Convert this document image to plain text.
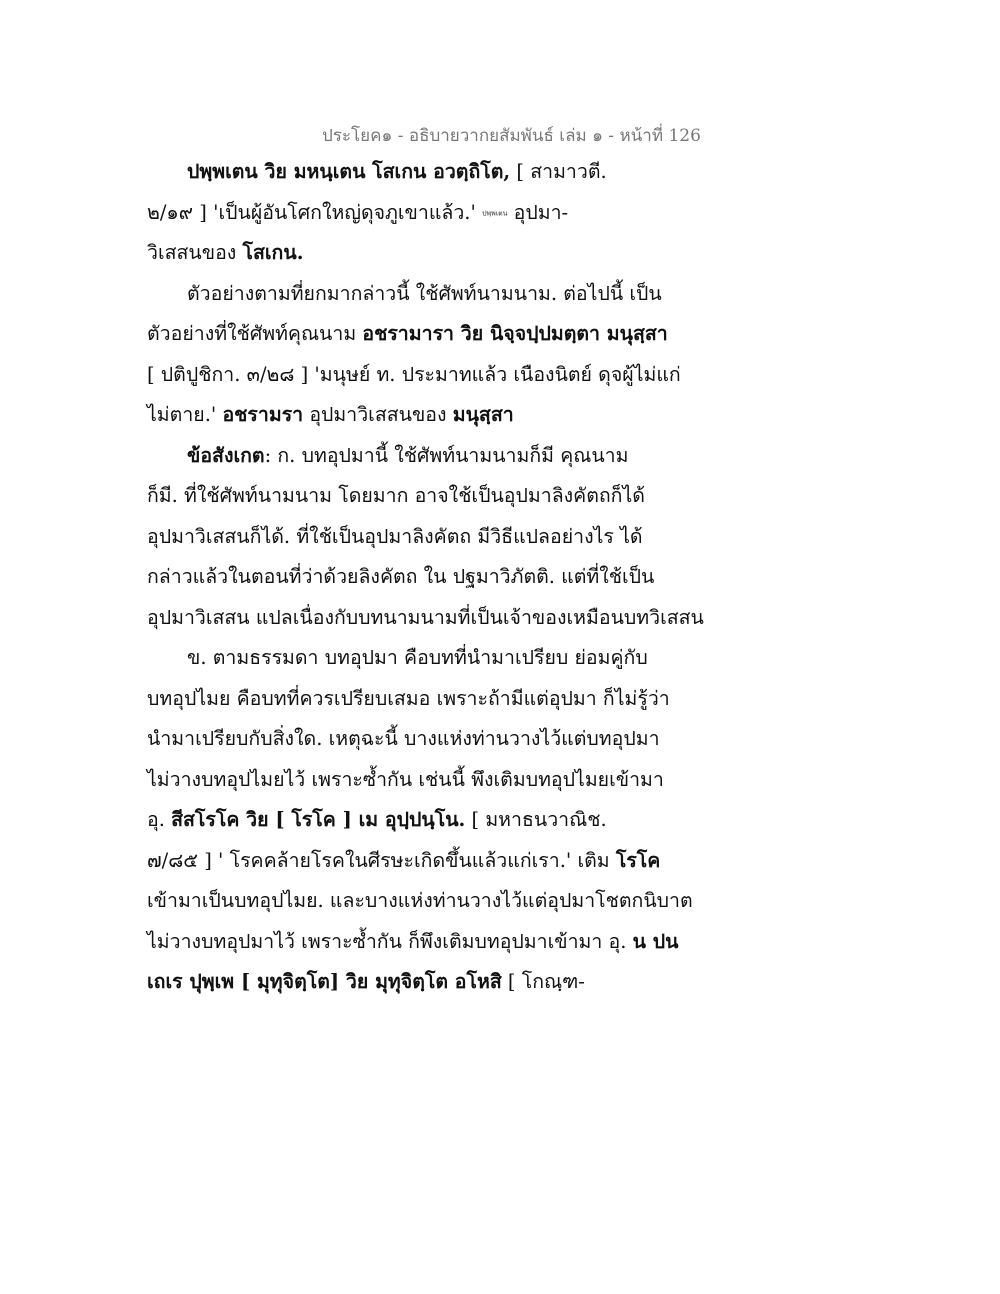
ประโยค๑ - อธิบายวากยสัมพันธ์ เล่ม ๑ - หน้าที่ 126
ปพฺพเตน วิย มหนฺเตน โสเกน อวตฺถิโต, [ สามาวตี.
๒/๑๙ ] 'เป็นผู้อันโศกใหญ่ดุจภูเขาแล้ว.' ปพฺพเตน อุปมา-
วิเสสนของ โสเกน.
ตัวอย่างตามที่ยกมากล่าวนี้ ใช้ศัพท์นามนาม. ต่อไปนี้ เป็น
ตัวอย่างที่ใช้ศัพท์คุณนาม อชรามารา วิย นิจฺจปฺปมตฺตา มนุสฺสา
[ ปติปูชิกา. ๓/๒๘ ] 'มนุษย์ ท. ประมาทแล้ว เนืองนิตย์ ดุจผู้ไม่แก่
ไม่ตาย.' อชรามรา อุปมาวิเสสนของ มนุสฺสา
ข้อสังเกต: ก. บทอุปมานี้ ใช้ศัพท์นามนามก็มี คุณนาม
ก็มี. ที่ใช้ศัพท์นามนาม โดยมาก อาจใช้เป็นอุปมาลิงคัตถก็ได้
อุปมาวิเสสนก็ได้. ที่ใช้เป็นอุปมาลิงคัตถ มีวิธีแปลอย่างไร ได้
กล่าวแล้วในตอนที่ว่าด้วยลิงคัตถ ใน ปฐมาวิภัตติ. แต่ที่ใช้เป็น
อุปมาวิเสสน แปลเนื่องกับบทนามนามที่เป็นเจ้าของเหมือนบทวิเสสน
ข. ตามธรรมดา บทอุปมา คือบทที่นำมาเปรียบ ย่อมคู่กับ
บทอุปไมย คือบทที่ควรเปรียบเสมอ เพราะถ้ามีแต่อุปมา ก็ไม่รู้ว่า
นำมาเปรียบกับสิ่งใด. เหตุฉะนี้ บางแห่งท่านวางไว้แต่บทอุปมา
ไม่วางบทอุปไมยไว้ เพราะซ้ำกัน เช่นนี้ พึงเติมบทอุปไมยเข้ามา
อุ. สีสโรโค วิย [ โรโค ] เม อุปฺปนฺโน. [ มหาธนวาณิช.
๗/๘๕ ] ' โรคคล้ายโรคในศีรษะเกิดขึ้นแล้วแก่เรา.' เติม โรโค
เข้ามาเป็นบทอุปไมย. และบางแห่งท่านวางไว้แต่อุปมาโชตกนิบาต
ไม่วางบทอุปมาไว้ เพราะซ้ำกัน ก็พึงเติมบทอุปมาเข้ามา อุ. น ปน
เถเร ปุพฺเพ [ มุทุจิตฺโต] วิย มุทุจิตฺโต อโหสิ [ โกณฺฑ-
